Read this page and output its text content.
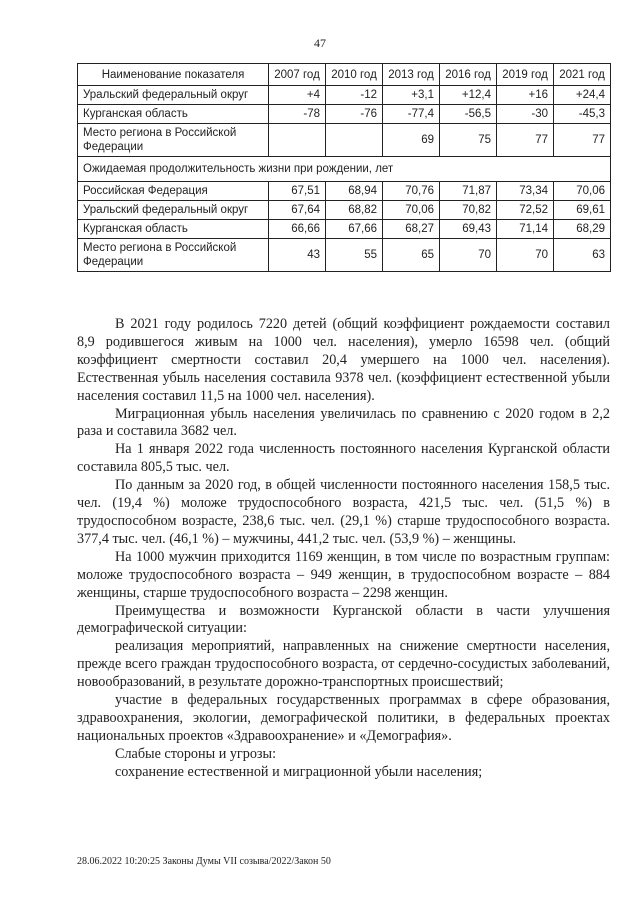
47
Наименование показателя	2007 год	2010 год	2013 год	2016 год	2019 год	2021 год
Уральский федеральный округ	+4	-12	+3,1	+12,4	+16	+24,4
Курганская область	-78	-76	-77,4	-56,5	-30	-45,3
Место региона в Российской Федерации			69	75	77	77
Ожидаемая продолжительность жизни при рождении, лет						
Российская Федерация	67,51	68,94	70,76	71,87	73,34	70,06
Уральский федеральный округ	67,64	68,82	70,06	70,82	72,52	69,61
Курганская область	66,66	67,66	68,27	69,43	71,14	68,29
Место региона в Российской Федерации	43	55	65	70	70	63

В 2021 году родилось 7220 детей (общий коэффициент рождаемости составил 8,9 родившегося живым на 1000 чел. населения), умерло 16598 чел. (общий коэффициент смертности составил 20,4 умершего на 1000 чел. населения). Естественная убыль населения составила 9378 чел. (коэффициент естественной убыли населения составил 11,5 на 1000 чел. населения).

Миграционная убыль населения увеличилась по сравнению с 2020 годом в 2,2 раза и составила 3682 чел.

На 1 января 2022 года численность постоянного населения Курганской области составила 805,5 тыс. чел.

По данным за 2020 год, в общей численности постоянного населения 158,5 тыс. чел. (19,4 %) моложе трудоспособного возраста, 421,5 тыс. чел. (51,5 %) в трудоспособном возрасте, 238,6 тыс. чел. (29,1 %) старше трудоспособного возраста. 377,4 тыс. чел. (46,1 %) – мужчины, 441,2 тыс. чел. (53,9 %) – женщины.

На 1000 мужчин приходится 1169 женщин, в том числе по возрастным группам: моложе трудоспособного возраста – 949 женщин, в трудоспособном возрасте – 884 женщины, старше трудоспособного возраста – 2298 женщин.

Преимущества и возможности Курганской области в части улучшения демографической ситуации:

реализация мероприятий, направленных на снижение смертности населения, прежде всего граждан трудоспособного возраста, от сердечно-сосудистых заболеваний, новообразований, в результате дорожно-транспортных происшествий;

участие в федеральных государственных программах в сфере образования, здравоохранения, экологии, демографической политики, в федеральных проектах национальных проектов «Здравоохранение» и «Демография».

Слабые стороны и угрозы:

сохранение естественной и миграционной убыли населения;

28.06.2022 10:20:25 Законы Думы VII созыва/2022/Закон 50
